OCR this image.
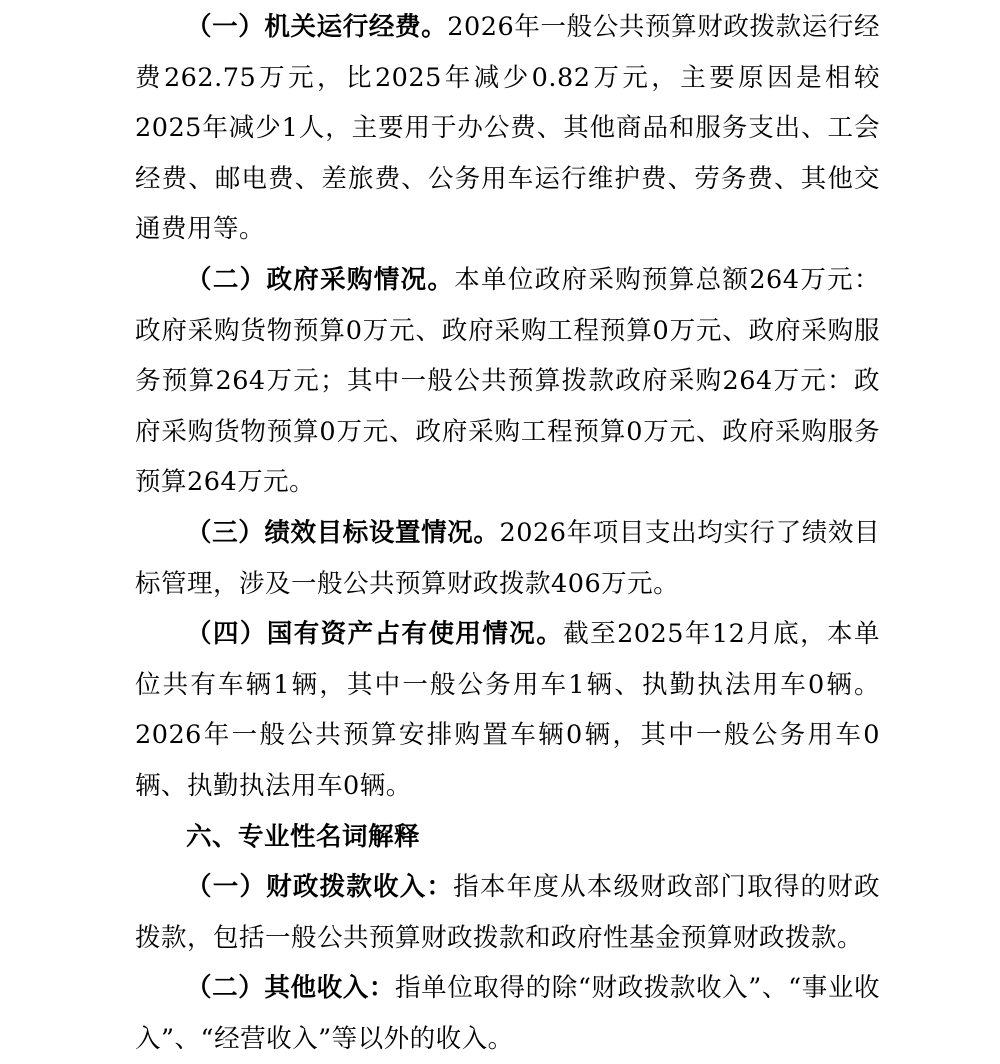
（一）机关运行经费。2026年一般公共预算财政拨款运行经费262.75万元，比2025年减少0.82万元，主要原因是相较2025年减少1人，主要用于办公费、其他商品和服务支出、工会经费、邮电费、差旅费、公务用车运行维护费、劳务费、其他交通费用等。

（二）政府采购情况。本单位政府采购预算总额264万元：政府采购货物预算0万元、政府采购工程预算0万元、政府采购服务预算264万元；其中一般公共预算拨款政府采购264万元：政府采购货物预算0万元、政府采购工程预算0万元、政府采购服务预算264万元。

（三）绩效目标设置情况。2026年项目支出均实行了绩效目标管理，涉及一般公共预算财政拨款406万元。

（四）国有资产占有使用情况。截至2025年12月底，本单位共有车辆1辆，其中一般公务用车1辆、执勤执法用车0辆。2026年一般公共预算安排购置车辆0辆，其中一般公务用车0辆、执勤执法用车0辆。

六、专业性名词解释

（一）财政拨款收入：指本年度从本级财政部门取得的财政拨款，包括一般公共预算财政拨款和政府性基金预算财政拨款。

（二）其他收入：指单位取得的除“财政拨款收入”、“事业收入”、“经营收入”等以外的收入。
